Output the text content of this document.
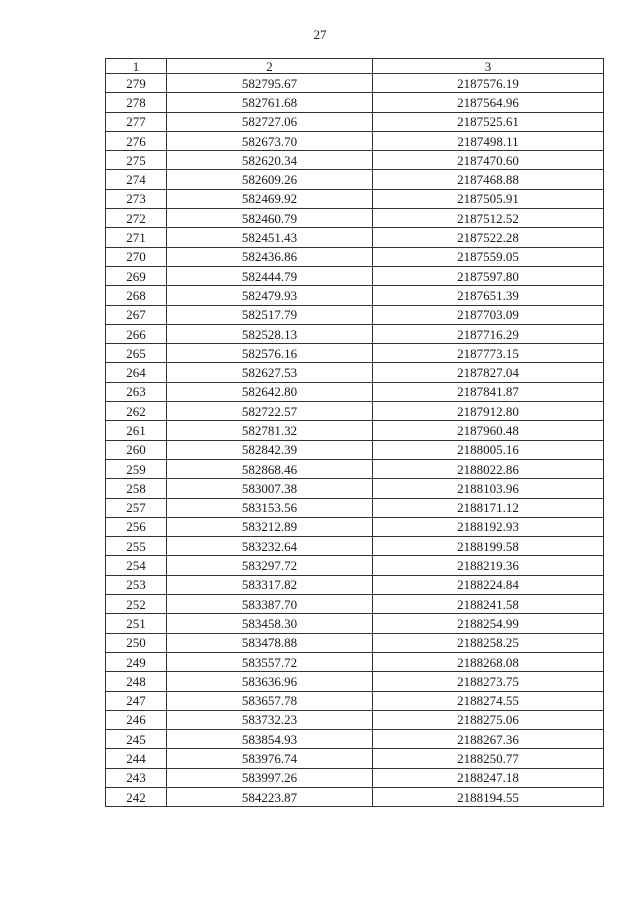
27
1	2	3
279	582795.67	2187576.19
278	582761.68	2187564.96
277	582727.06	2187525.61
276	582673.70	2187498.11
275	582620.34	2187470.60
274	582609.26	2187468.88
273	582469.92	2187505.91
272	582460.79	2187512.52
271	582451.43	2187522.28
270	582436.86	2187559.05
269	582444.79	2187597.80
268	582479.93	2187651.39
267	582517.79	2187703.09
266	582528.13	2187716.29
265	582576.16	2187773.15
264	582627.53	2187827.04
263	582642.80	2187841.87
262	582722.57	2187912.80
261	582781.32	2187960.48
260	582842.39	2188005.16
259	582868.46	2188022.86
258	583007.38	2188103.96
257	583153.56	2188171.12
256	583212.89	2188192.93
255	583232.64	2188199.58
254	583297.72	2188219.36
253	583317.82	2188224.84
252	583387.70	2188241.58
251	583458.30	2188254.99
250	583478.88	2188258.25
249	583557.72	2188268.08
248	583636.96	2188273.75
247	583657.78	2188274.55
246	583732.23	2188275.06
245	583854.93	2188267.36
244	583976.74	2188250.77
243	583997.26	2188247.18
242	584223.87	2188194.55
